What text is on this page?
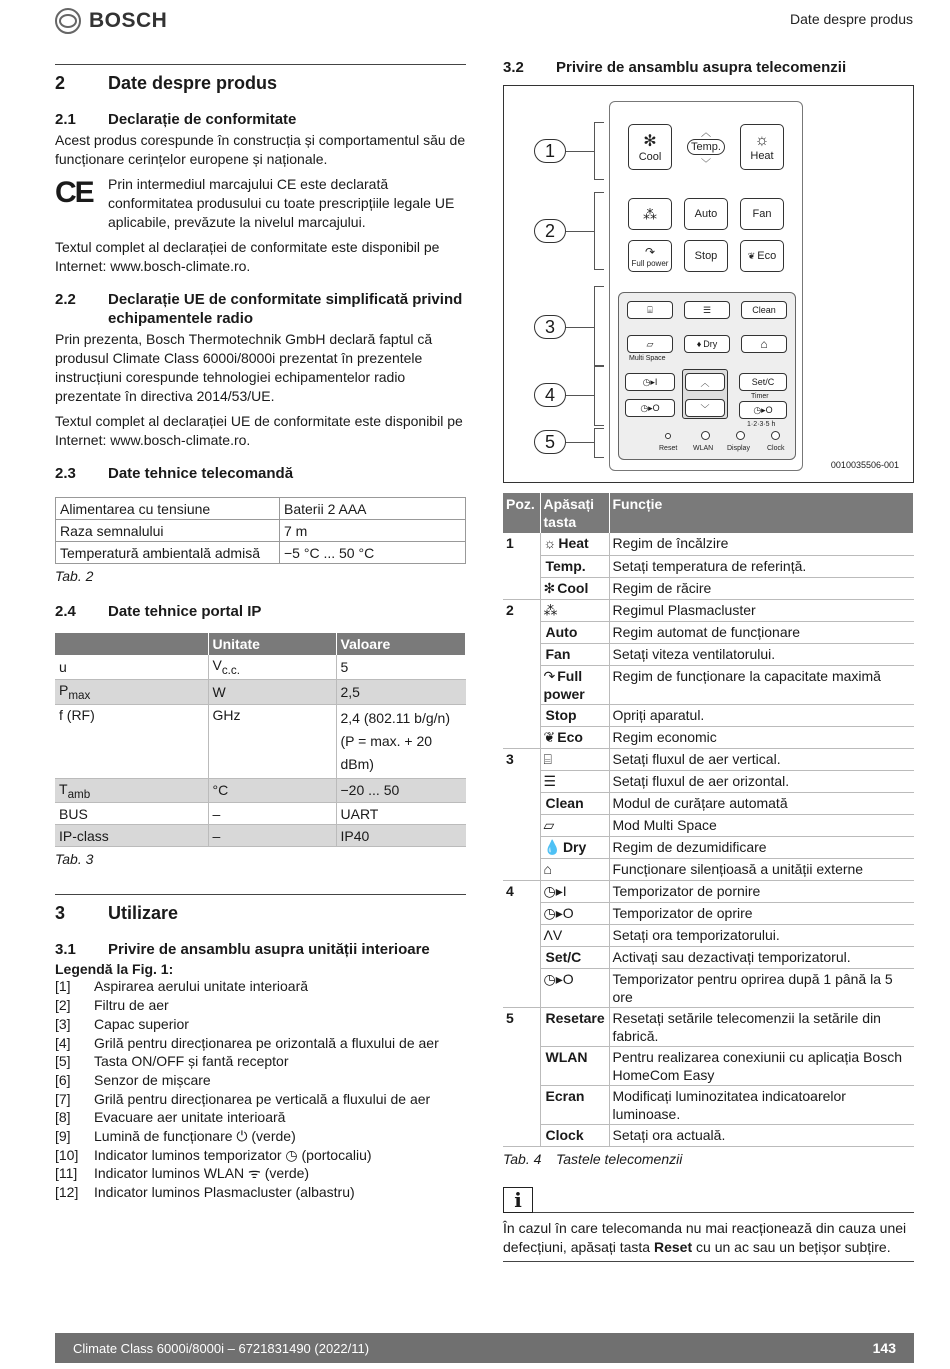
BOSCH	Date despre produs
2	Date despre produs
2.1	Declarație de conformitate

Acest produs corespunde în construcția și comportamentul său de funcționare cerințelor europene și naționale.

CE	Prin intermediul marcajului CE este declarată conformitatea produsului cu toate prescripțiile legale UE aplicabile, prevăzute la nivelul marcajului.

Textul complet al declarației de conformitate este disponibil pe Internet: www.bosch-climate.ro.

2.2	Declarație UE de conformitate simplificată privind echipamentele radio

Prin prezenta, Bosch Thermotechnik GmbH declară faptul că produsul Climate Class 6000i/8000i prezentat în prezentele instrucțiuni corespunde tehnologiei echipamentelor radio prezentate în directiva 2014/53/UE.

Textul complet al declarației UE de conformitate este disponibil pe Internet: www.bosch-climate.ro.

2.3	Date tehnice telecomandă
Alimentarea cu tensiune	Baterii 2 AAA
Raza semnalului	7 m
Temperatură ambientală admisă	−5 °C ... 50 °C
Tab. 2
2.4	Date tehnice portal IP
	Unitate	Valoare
u	$V_{c.c.}$	5
$P_{max}$	W	2,5
f (RF)	GHz	2,4 (802.11 b/g/n)
(P = max. + 20 dBm)
$T_{amb}$	°C	−20 ... 50
BUS	–	UART
IP-class	–	IP40
Tab. 3
3	Utilizare
3.1	Privire de ansamblu asupra unității interioare
Legendă la Fig. 1:
[1]	Aspirarea aerului unitate interioară
[2]	Filtru de aer
[3]	Capac superior
[4]	Grilă pentru direcționarea pe orizontală a fluxului de aer
[5]	Tasta ON/OFF și fantă receptor
[6]	Senzor de mișcare
[7]	Grilă pentru direcționarea pe verticală a fluxului de aer
[8]	Evacuare aer unitate interioară
[9]	Lumină de funcționare ⏻ (verde)
[10]	Indicator luminos temporizator ◷ (portocaliu)
[11]	Indicator luminos WLAN ᯤ (verde)
[12]	Indicator luminos Plasmacluster (albastru)
3.2	Privire de ansamblu asupra telecomenzii
1
2
3
4
5
✻
Cool
︿
Temp.
﹀
☼
Heat
⁂	Auto	Fan
↷
Full power
Stop	❦ Eco
⌸	☰	Clean
▱
Multi Space
♦ Dry	⌂
◷▸I	︿
﹀
Set/C
Timer
◷▸O	◷▸O
1·2·3·5 h
Reset WLAN Display Clock
0010035506-001
Poz.	Apăsați tasta	Funcție
1	☼ Heat	Regim de încălzire
	Temp.	Setați temperatura de referință.
	✻ Cool	Regim de răcire
2	⁂	Regimul Plasmacluster
	Auto	Regim automat de funcționare
	Fan	Setați viteza ventilatorului.
	↷ Full power	Regim de funcționare la capacitate maximă
	Stop	Opriți aparatul.
	❦ Eco	Regim economic
3	⌸	Setați fluxul de aer vertical.
	☰	Setați fluxul de aer orizontal.
	Clean	Modul de curățare automată
	▱	Mod Multi Space
	💧 Dry	Regim de dezumidificare
	⌂	Funcționare silențioasă a unității externe
4	◷▸I	Temporizator de pornire
	◷▸O	Temporizator de oprire
	ΛV	Setați ora temporizatorului.
	Set/C	Activați sau dezactivați temporizatorul.
	◷▸O	Temporizator pentru oprirea după 1 până la 5 ore
5	Resetare	Resetați setările telecomenzii la setările din fabrică.
	WLAN	Pentru realizarea conexiunii cu aplicația Bosch HomeCom Easy
	Ecran	Modificați luminozitatea indicatoarelor luminoase.
	Clock	Setați ora actuală.
Tab. 4	Tastele telecomenzii
i

În cazul în care telecomanda nu mai reacționează din cauza unei defecțiuni, apăsați tasta Reset cu un ac sau un bețișor subțire.

Climate Class 6000i/8000i – 6721831490 (2022/11)	143
